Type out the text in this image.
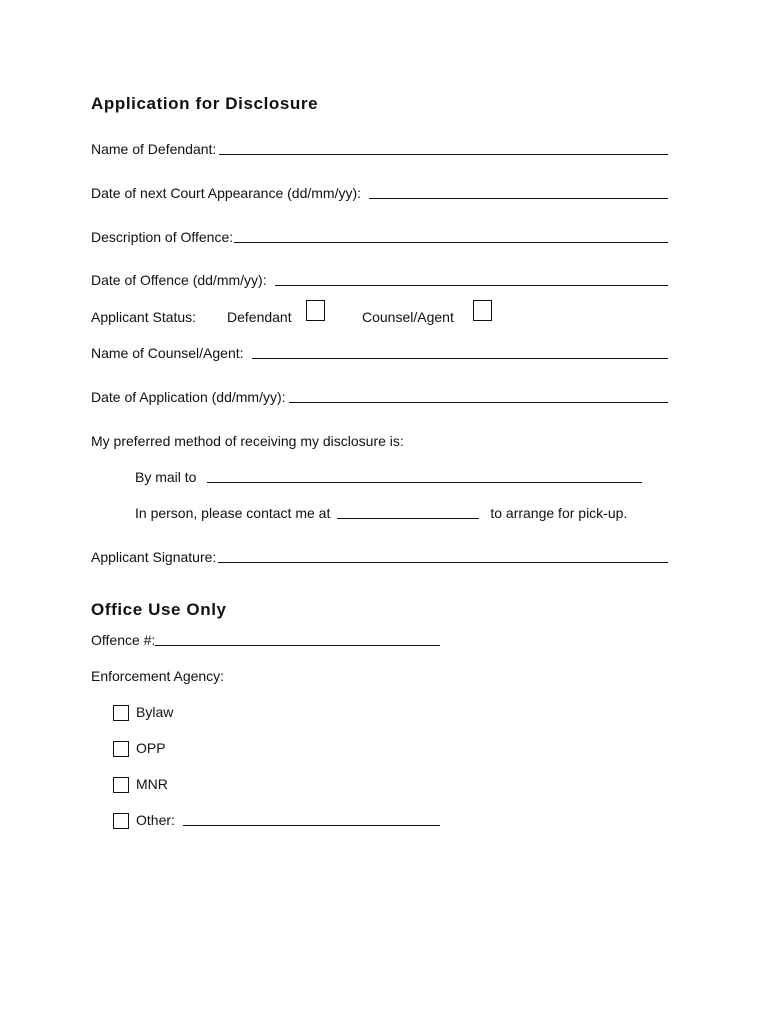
Application for Disclosure
Name of Defendant:
Date of next Court Appearance (dd/mm/yy):
Description of Offence:
Date of Offence (dd/mm/yy):
Applicant Status: Defendant	Counsel/Agent
Name of Counsel/Agent:
Date of Application (dd/mm/yy):
My preferred method of receiving my disclosure is:
By mail to
In person, please contact me at	to arrange for pick-up.
Applicant Signature:
Office Use Only
Offence #:
Enforcement Agency:
Bylaw
OPP
MNR
Other:
